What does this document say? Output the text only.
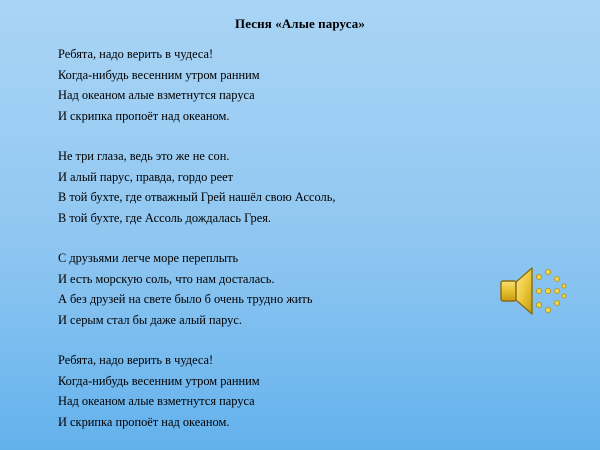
Песня «Алые паруса»
Ребята, надо верить в чудеса!
Когда-нибудь весенним утром ранним
Над океаном алые взметнутся паруса
И скрипка пропоёт над океаном.
Не три глаза, ведь это же не сон.
И алый парус, правда, гордо реет
В той бухте, где отважный Грей нашёл свою Ассоль,
В той бухте, где Ассоль дождалась Грея.
С друзьями легче море переплыть
И есть морскую соль, что нам досталась.
А без друзей на свете было б очень трудно жить
И серым стал бы даже алый парус.
Ребята, надо верить в чудеса!
Когда-нибудь весенним утром ранним
Над океаном алые взметнутся паруса
И скрипка пропоёт над океаном.
